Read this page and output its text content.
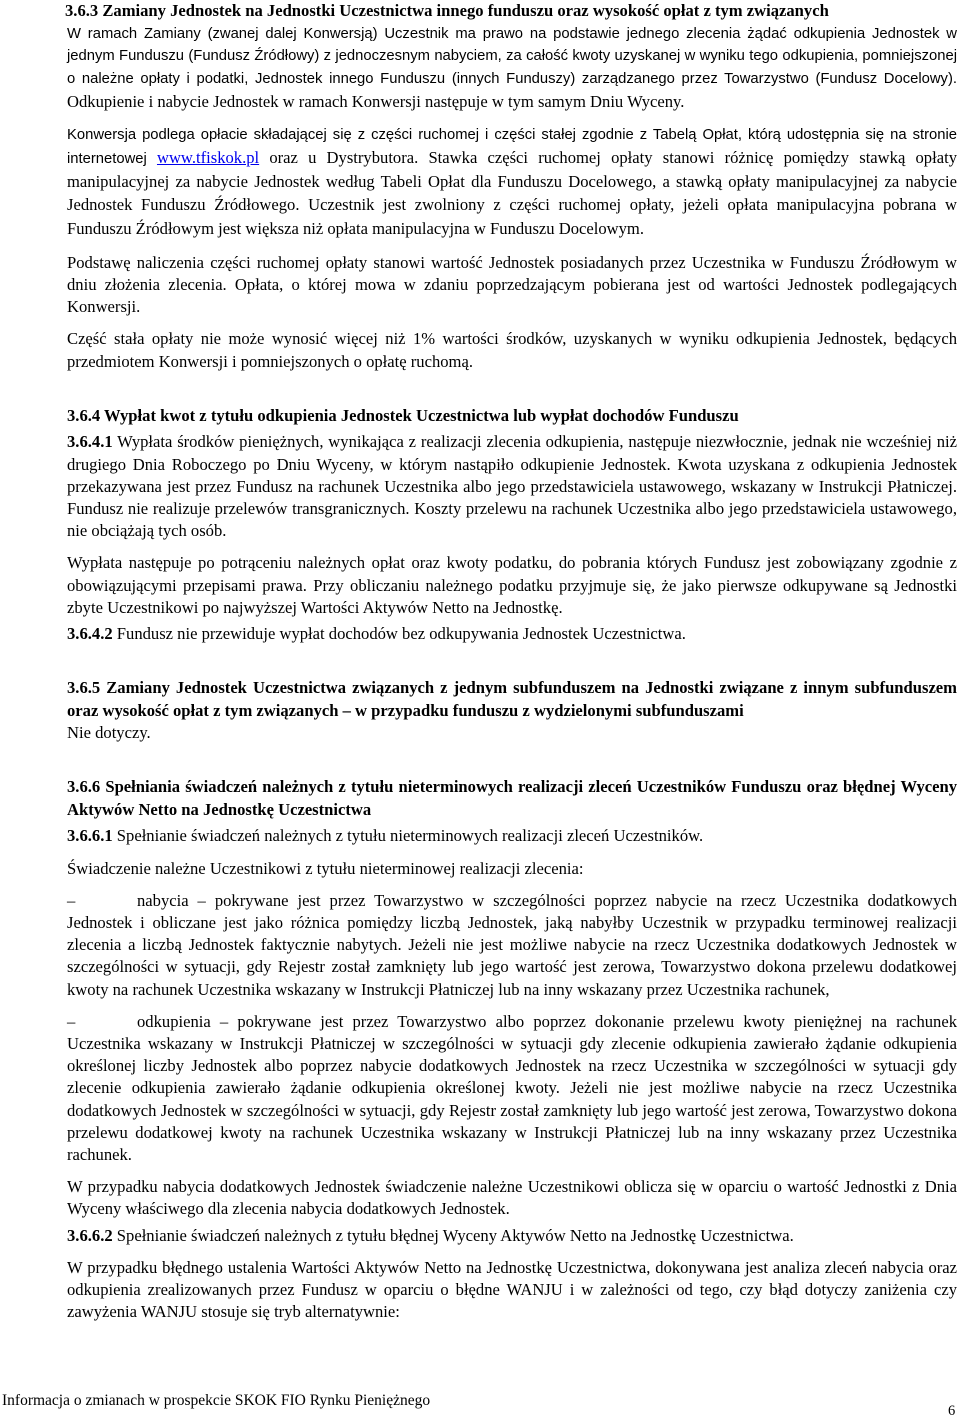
3.6.3 Zamiany Jednostek na Jednostki Uczestnictwa innego funduszu oraz wysokość opłat z tym związanych

W ramach Zamiany (zwanej dalej Konwersją) Uczestnik ma prawo na podstawie jednego zlecenia żądać odkupienia Jednostek w jednym Funduszu (Fundusz Źródłowy) z jednoczesnym nabyciem, za całość kwoty uzyskanej w wyniku tego odkupienia, pomniejszonej o należne opłaty i podatki, Jednostek innego Funduszu (innych Funduszy) zarządzanego przez Towarzystwo (Fundusz Docelowy). Odkupienie i nabycie Jednostek w ramach Konwersji następuje w tym samym Dniu Wyceny.

Konwersja podlega opłacie składającej się z części ruchomej i części stałej zgodnie z Tabelą Opłat, którą udostępnia się na stronie internetowej www.tfiskok.pl oraz u Dystrybutora. Stawka części ruchomej opłaty stanowi różnicę pomiędzy stawką opłaty manipulacyjnej za nabycie Jednostek według Tabeli Opłat dla Funduszu Docelowego, a stawką opłaty manipulacyjnej za nabycie Jednostek Funduszu Źródłowego. Uczestnik jest zwolniony z części ruchomej opłaty, jeżeli opłata manipulacyjna pobrana w Funduszu Źródłowym jest większa niż opłata manipulacyjna w Funduszu Docelowym.

Podstawę naliczenia części ruchomej opłaty stanowi wartość Jednostek posiadanych przez Uczestnika w Funduszu Źródłowym w dniu złożenia zlecenia. Opłata, o której mowa w zdaniu poprzedzającym pobierana jest od wartości Jednostek podlegających Konwersji.

Część stała opłaty nie może wynosić więcej niż 1% wartości środków, uzyskanych w wyniku odkupienia Jednostek, będących przedmiotem Konwersji i pomniejszonych o opłatę ruchomą.

3.6.4 Wypłat kwot z tytułu odkupienia Jednostek Uczestnictwa lub wypłat dochodów Funduszu

3.6.4.1 Wypłata środków pieniężnych, wynikająca z realizacji zlecenia odkupienia, następuje niezwłocznie, jednak nie wcześniej niż drugiego Dnia Roboczego po Dniu Wyceny, w którym nastąpiło odkupienie Jednostek. Kwota uzyskana z odkupienia Jednostek przekazywana jest przez Fundusz na rachunek Uczestnika albo jego przedstawiciela ustawowego, wskazany w Instrukcji Płatniczej. Fundusz nie realizuje przelewów transgranicznych. Koszty przelewu na rachunek Uczestnika albo jego przedstawiciela ustawowego, nie obciążają tych osób.

Wypłata następuje po potrąceniu należnych opłat oraz kwoty podatku, do pobrania których Fundusz jest zobowiązany zgodnie z obowiązującymi przepisami prawa. Przy obliczaniu należnego podatku przyjmuje się, że jako pierwsze odkupywane są Jednostki zbyte Uczestnikowi po najwyższej Wartości Aktywów Netto na Jednostkę.

3.6.4.2 Fundusz nie przewiduje wypłat dochodów bez odkupywania Jednostek Uczestnictwa.

3.6.5 Zamiany Jednostek Uczestnictwa związanych z jednym subfunduszem na Jednostki związane z innym subfunduszem oraz wysokość opłat z tym związanych – w przypadku funduszu z wydzielonymi subfunduszami

Nie dotyczy.

3.6.6 Spełniania świadczeń należnych z tytułu nieterminowych realizacji zleceń Uczestników Funduszu oraz błędnej Wyceny Aktywów Netto na Jednostkę Uczestnictwa

3.6.6.1 Spełnianie świadczeń należnych z tytułu nieterminowych realizacji zleceń Uczestników.

Świadczenie należne Uczestnikowi z tytułu nieterminowej realizacji zlecenia:

–	nabycia – pokrywane jest przez Towarzystwo w szczególności poprzez nabycie na rzecz Uczestnika dodatkowych Jednostek i obliczane jest jako różnica pomiędzy liczbą Jednostek, jaką nabyłby Uczestnik w przypadku terminowej realizacji zlecenia a liczbą Jednostek faktycznie nabytych. Jeżeli nie jest możliwe nabycie na rzecz Uczestnika dodatkowych Jednostek w szczególności w sytuacji, gdy Rejestr został zamknięty lub jego wartość jest zerowa, Towarzystwo dokona przelewu dodatkowej kwoty na rachunek Uczestnika wskazany w Instrukcji Płatniczej lub na inny wskazany przez Uczestnika rachunek,

–	odkupienia – pokrywane jest przez Towarzystwo albo poprzez dokonanie przelewu kwoty pieniężnej na rachunek Uczestnika wskazany w Instrukcji Płatniczej w szczególności w sytuacji gdy zlecenie odkupienia zawierało żądanie odkupienia określonej liczby Jednostek albo poprzez nabycie dodatkowych Jednostek na rzecz Uczestnika w szczególności w sytuacji gdy zlecenie odkupienia zawierało żądanie odkupienia określonej kwoty. Jeżeli nie jest możliwe nabycie na rzecz Uczestnika dodatkowych Jednostek w szczególności w sytuacji, gdy Rejestr został zamknięty lub jego wartość jest zerowa, Towarzystwo dokona przelewu dodatkowej kwoty na rachunek Uczestnika wskazany w Instrukcji Płatniczej lub na inny wskazany przez Uczestnika rachunek.

W przypadku nabycia dodatkowych Jednostek świadczenie należne Uczestnikowi oblicza się w oparciu o wartość Jednostki z Dnia Wyceny właściwego dla zlecenia nabycia dodatkowych Jednostek.

3.6.6.2 Spełnianie świadczeń należnych z tytułu błędnej Wyceny Aktywów Netto na Jednostkę Uczestnictwa.

W przypadku błędnego ustalenia Wartości Aktywów Netto na Jednostkę Uczestnictwa, dokonywana jest analiza zleceń nabycia oraz odkupienia zrealizowanych przez Fundusz w oparciu o błędne WANJU i w zależności od tego, czy błąd dotyczy zaniżenia czy zawyżenia WANJU stosuje się tryb alternatywnie:

Informacja o zmianach w prospekcie SKOK FIO Rynku Pieniężnego
6
